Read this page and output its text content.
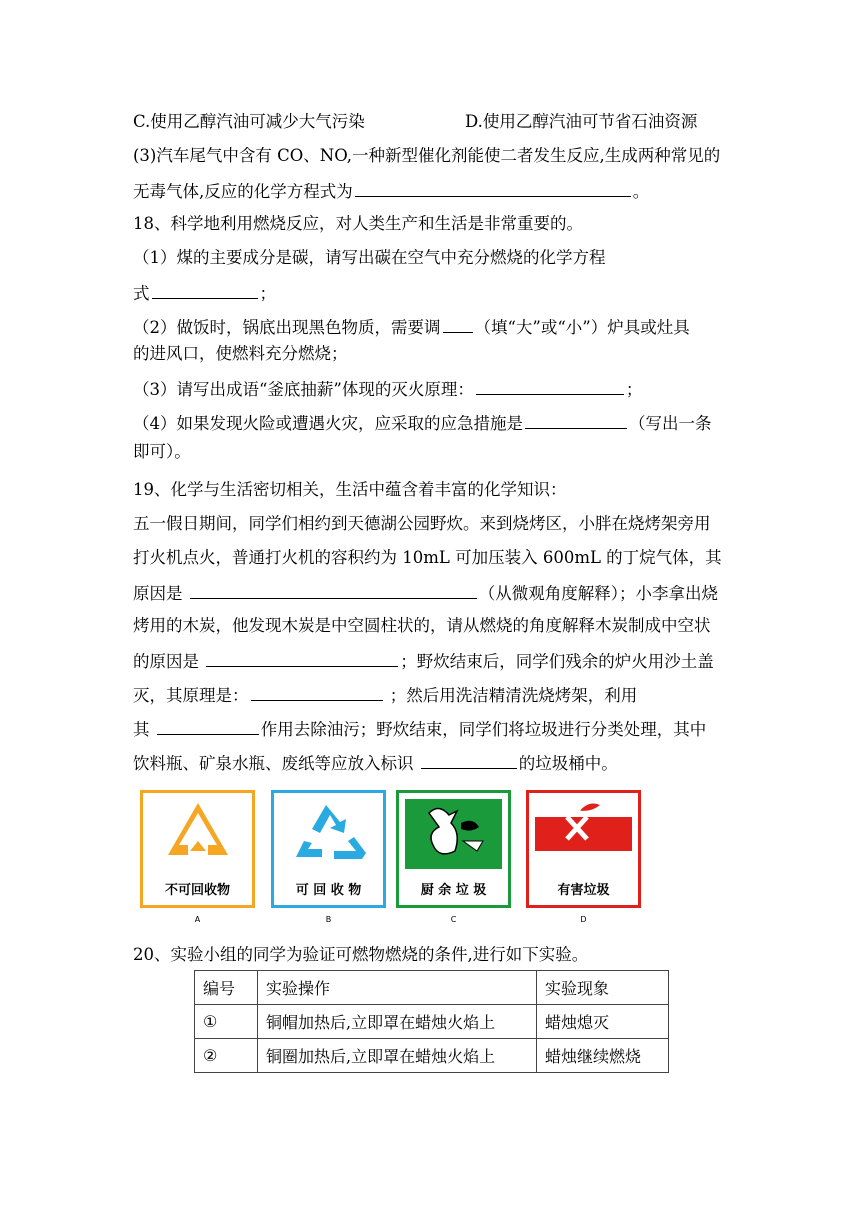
C.使用乙醇汽油可减少大气污染	D.使用乙醇汽油可节省石油资源
(3)汽车尾气中含有 CO、NO,一种新型催化剂能使二者发生反应,生成两种常见的
无毒气体,反应的化学方程式为	。
18、科学地利用燃烧反应，对人类生产和生活是非常重要的。
（1）煤的主要成分是碳，请写出碳在空气中充分燃烧的化学方程
式	；
（2）做饭时，锅底出现黑色物质，需要调 （填“大”或“小”）炉具或灶具
的进风口，使燃料充分燃烧；
（3）请写出成语“釜底抽薪”体现的灭火原理：	；
（4）如果发现火险或遭遇火灾，应采取的应急措施是	（写出一条
即可）。
19、化学与生活密切相关，生活中蕴含着丰富的化学知识：
五一假日期间，同学们相约到天德湖公园野炊。来到烧烤区，小胖在烧烤架旁用
打火机点火，普通打火机的容积约为 10mL 可加压装入 600mL 的丁烷气体，其
原因是	（从微观角度解释）；小李拿出烧
烤用的木炭，他发现木炭是中空圆柱状的，请从燃烧的角度解释木炭制成中空状
的原因是	；野炊结束后，同学们残余的炉火用沙土盖
灭，其原理是：	；然后用洗洁精清洗烧烤架，利用
其	作用去除油污；野炊结束，同学们将垃圾进行分类处理，其中
饮料瓶、矿泉水瓶、废纸等应放入标识	的垃圾桶中。
不可回收物
A
可 回 收 物
B
厨 余 垃 圾
C
有害垃圾
D
20、实验小组的同学为验证可燃物燃烧的条件,进行如下实验。
编号	实验操作	实验现象
①	铜帽加热后,立即罩在蜡烛火焰上	蜡烛熄灭
②	铜圈加热后,立即罩在蜡烛火焰上	蜡烛继续燃烧
